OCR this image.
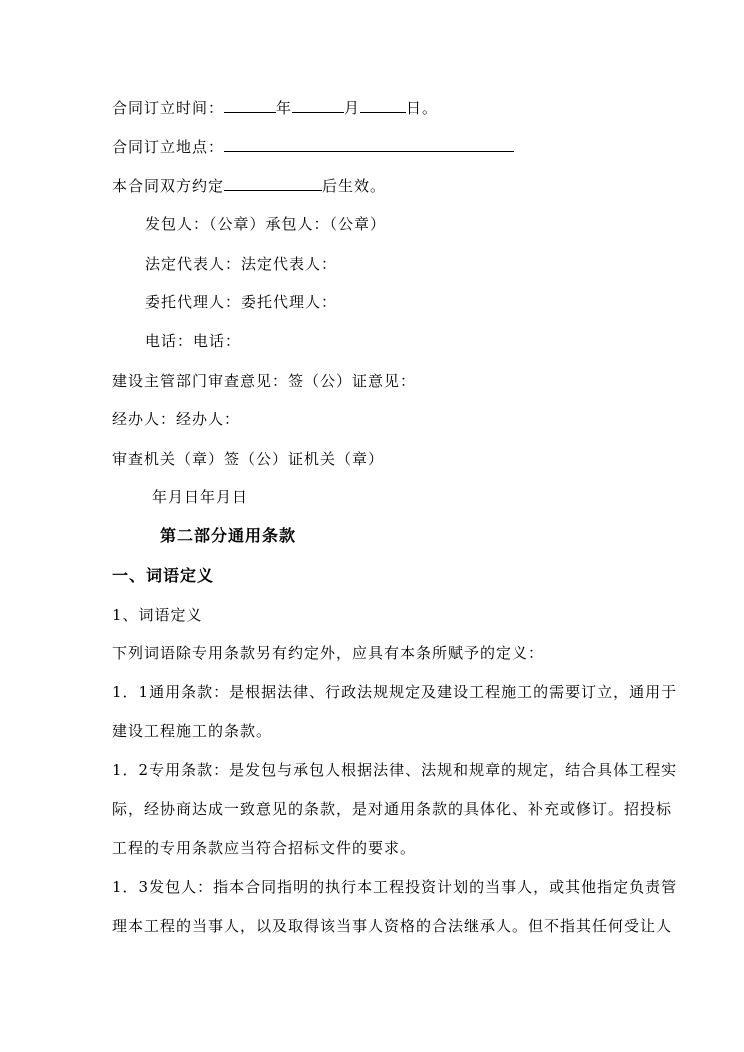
合同订立时间：	年	月	日。
合同订立地点：
本合同双方约定	后生效。
发包人：（公章）承包人：（公章）
法定代表人：法定代表人：
委托代理人：委托代理人：
电话：电话：
建设主管部门审查意见：签（公）证意见：
经办人：经办人：
审查机关（章）签（公）证机关（章）
年月日年月日
第二部分通用条款
一、词语定义
1、词语定义
下列词语除专用条款另有约定外，应具有本条所赋予的定义：
1．1通用条款：是根据法律、行政法规规定及建设工程施工的需要订立，通用于
建设工程施工的条款。
1．2专用条款：是发包与承包人根据法律、法规和规章的规定，结合具体工程实
际，经协商达成一致意见的条款，是对通用条款的具体化、补充或修订。招投标
工程的专用条款应当符合招标文件的要求。
1．3发包人：指本合同指明的执行本工程投资计划的当事人，或其他指定负责管
理本工程的当事人，以及取得该当事人资格的合法继承人。但不指其任何受让人
